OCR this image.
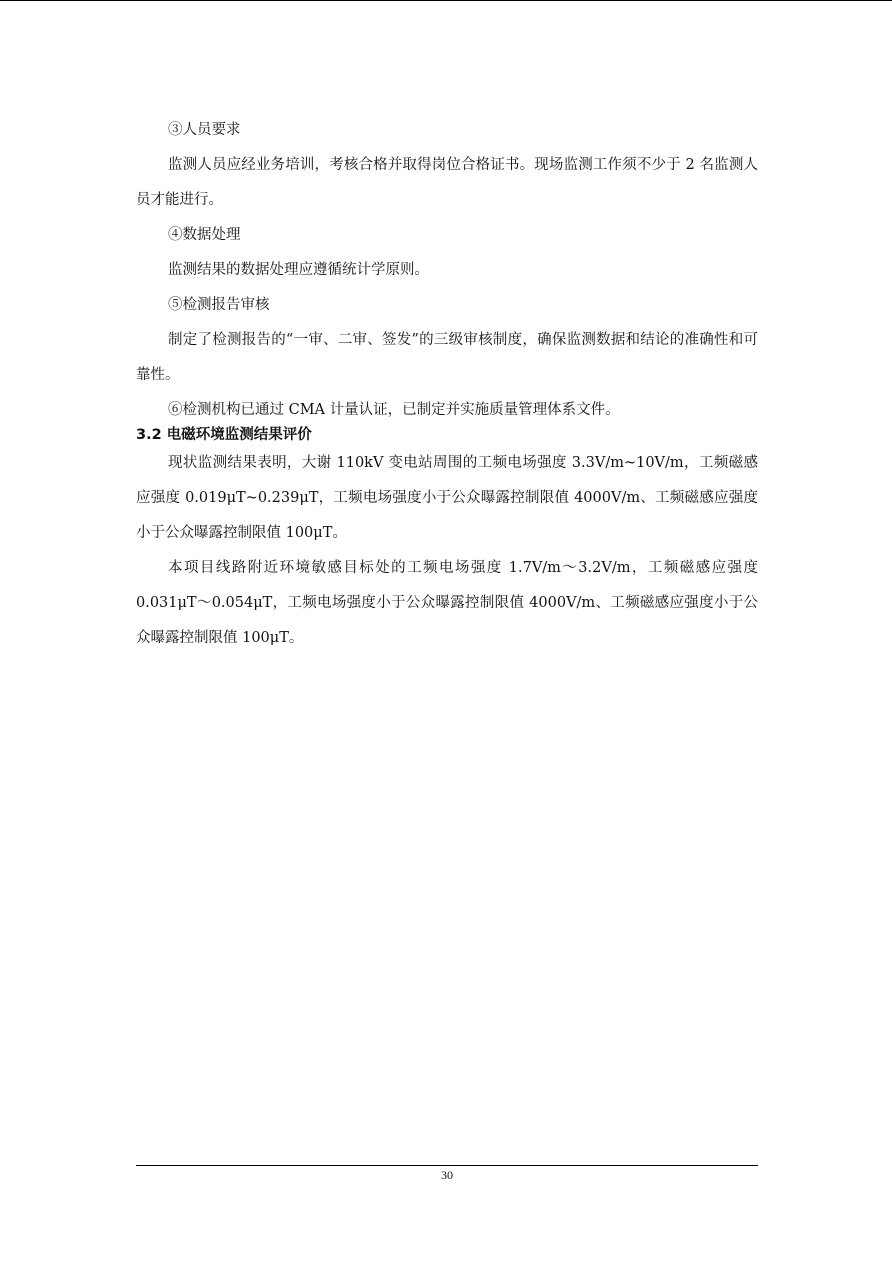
③人员要求

监测人员应经业务培训，考核合格并取得岗位合格证书。现场监测工作须不少于 2 名监测人员才能进行。

④数据处理

监测结果的数据处理应遵循统计学原则。

⑤检测报告审核

制定了检测报告的“一审、二审、签发”的三级审核制度，确保监测数据和结论的准确性和可靠性。

⑥检测机构已通过 CMA 计量认证，已制定并实施质量管理体系文件。

3.2 电磁环境监测结果评价

现状监测结果表明，大谢 110kV 变电站周围的工频电场强度 3.3V/m~10V/m，工频磁感应强度 0.019μT~0.239μT，工频电场强度小于公众曝露控制限值 4000V/m、工频磁感应强度小于公众曝露控制限值 100μT。

本项目线路附近环境敏感目标处的工频电场强度 1.7V/m～3.2V/m，工频磁感应强度 0.031μT～0.054μT，工频电场强度小于公众曝露控制限值 4000V/m、工频磁感应强度小于公众曝露控制限值 100μT。

30
